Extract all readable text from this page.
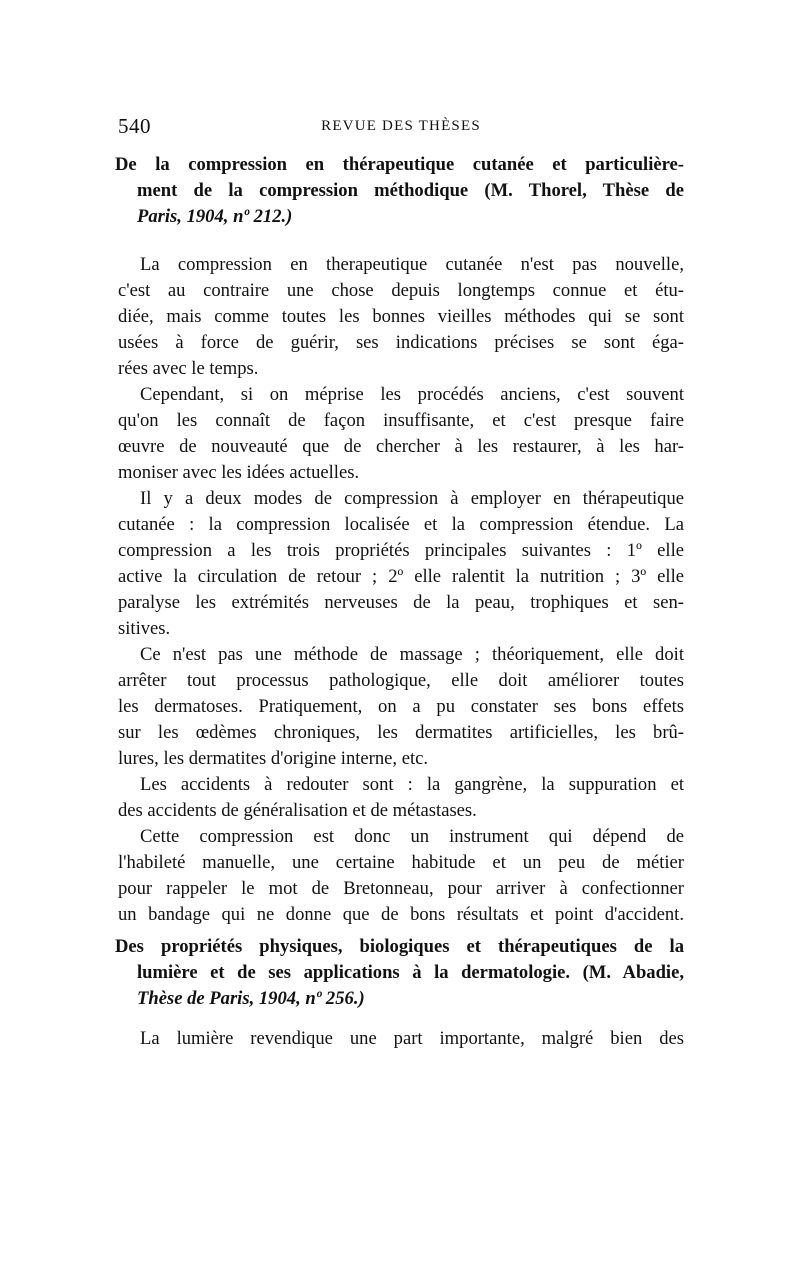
540	REVUE DES THÈSES
De la compression en thérapeutique cutanée et particulière-
ment de la compression méthodique (M. Thorel, Thèse de
Paris, 1904, nº 212.)

La compression en therapeutique cutanée n'est pas nouvelle,
c'est au contraire une chose depuis longtemps connue et étu-
diée, mais comme toutes les bonnes vieilles méthodes qui se sont
usées à force de guérir, ses indications précises se sont éga-
rées avec le temps.

Cependant, si on méprise les procédés anciens, c'est souvent
qu'on les connaît de façon insuffisante, et c'est presque faire
œuvre de nouveauté que de chercher à les restaurer, à les har-
moniser avec les idées actuelles.

Il y a deux modes de compression à employer en thérapeutique
cutanée : la compression localisée et la compression étendue. La
compression a les trois propriétés principales suivantes : 1º elle
active la circulation de retour ; 2º elle ralentit la nutrition ; 3º elle
paralyse les extrémités nerveuses de la peau, trophiques et sen-
sitives.

Ce n'est pas une méthode de massage ; théoriquement, elle doit
arrêter tout processus pathologique, elle doit améliorer toutes
les dermatoses. Pratiquement, on a pu constater ses bons effets
sur les œdèmes chroniques, les dermatites artificielles, les brû-
lures, les dermatites d'origine interne, etc.

Les accidents à redouter sont : la gangrène, la suppuration et
des accidents de généralisation et de métastases.

Cette compression est donc un instrument qui dépend de
l'habileté manuelle, une certaine habitude et un peu de métier
pour rappeler le mot de Bretonneau, pour arriver à confectionner
un bandage qui ne donne que de bons résultats et point d'accident.

Des propriétés physiques, biologiques et thérapeutiques de la
lumière et de ses applications à la dermatologie. (M. Abadie,
Thèse de Paris, 1904, nº 256.)

La lumière revendique une part importante, malgré bien des
